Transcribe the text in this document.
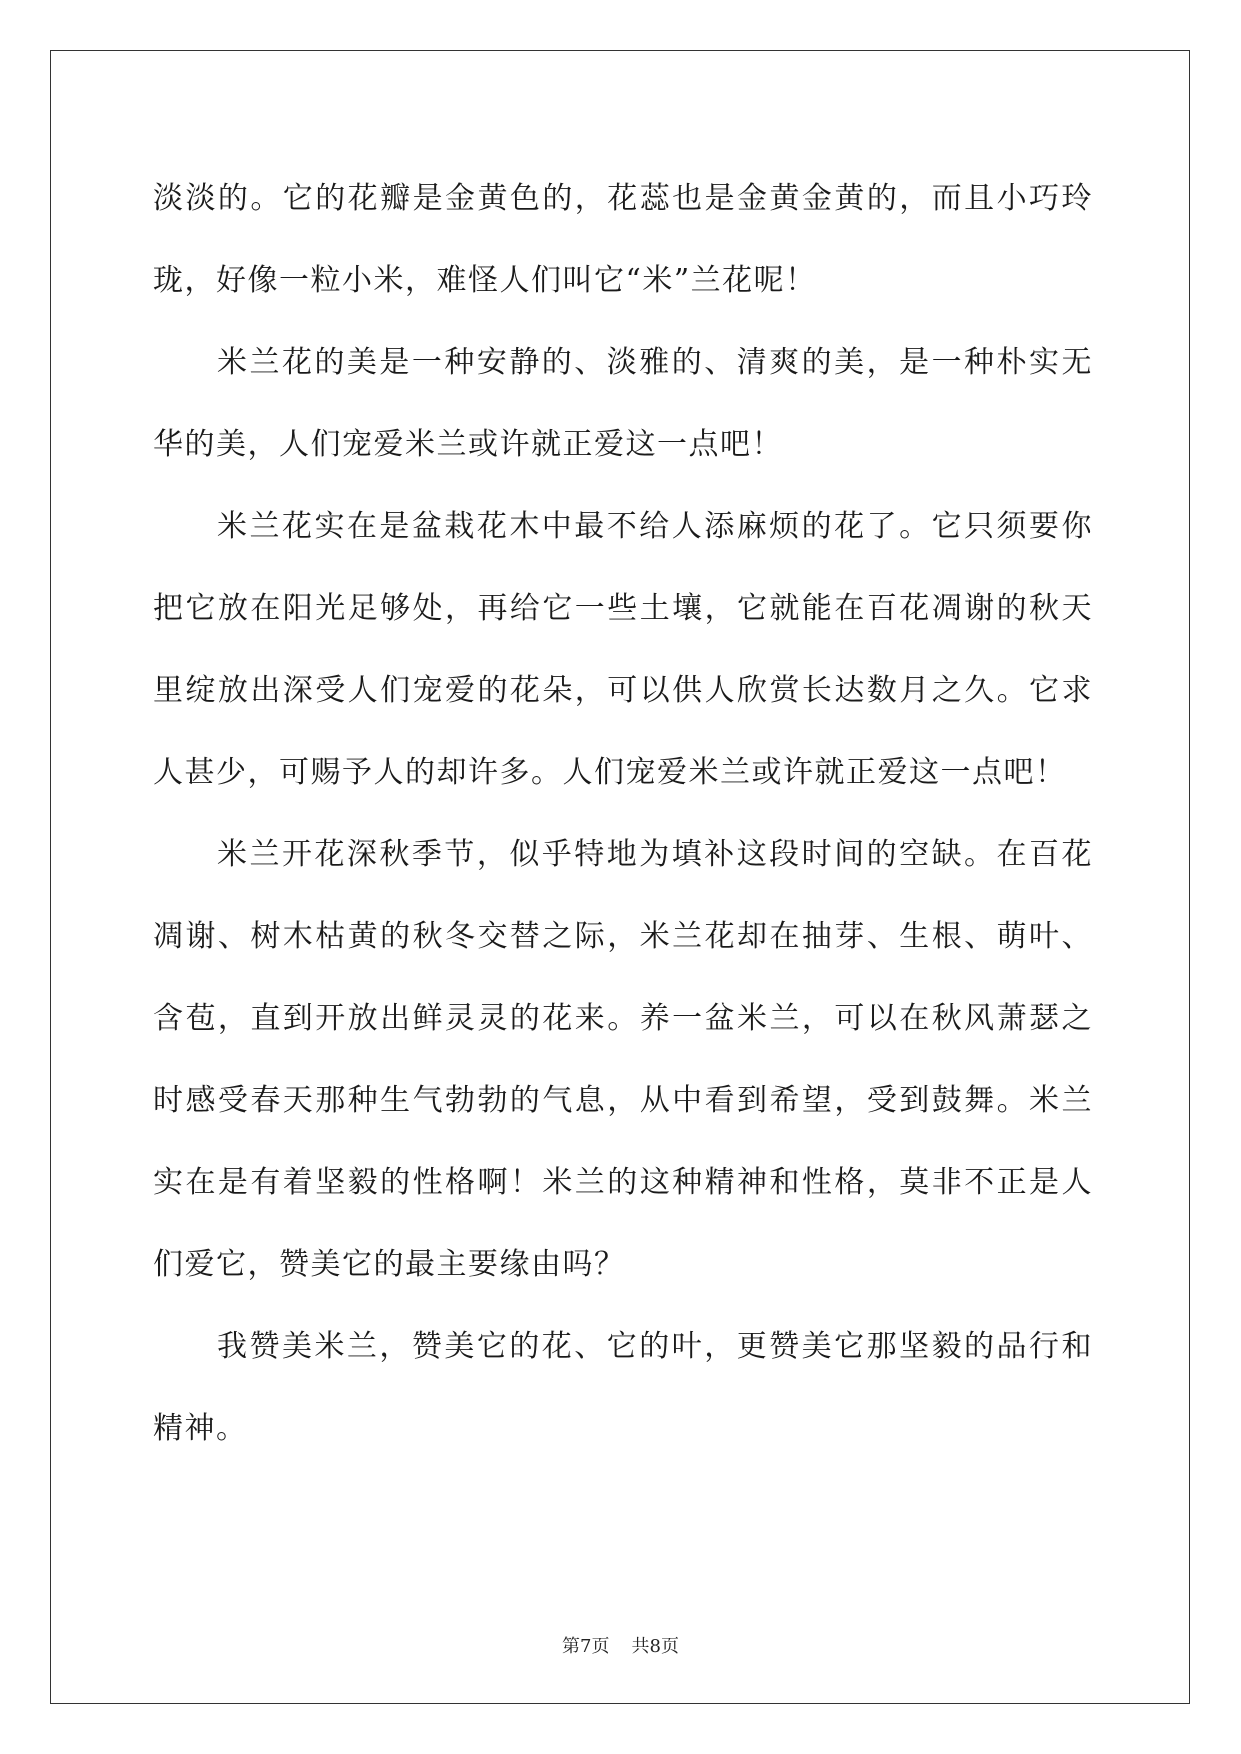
淡淡的。它的花瓣是金黄色的，花蕊也是金黄金黄的，而且小巧玲珑，好像一粒小米，难怪人们叫它“米”兰花呢！

米兰花的美是一种安静的、淡雅的、清爽的美，是一种朴实无华的美，人们宠爱米兰或许就正爱这一点吧！

米兰花实在是盆栽花木中最不给人添麻烦的花了。它只须要你把它放在阳光足够处，再给它一些土壤，它就能在百花凋谢的秋天里绽放出深受人们宠爱的花朵，可以供人欣赏长达数月之久。它求人甚少，可赐予人的却许多。人们宠爱米兰或许就正爱这一点吧！

米兰开花深秋季节，似乎特地为填补这段时间的空缺。在百花凋谢、树木枯黄的秋冬交替之际，米兰花却在抽芽、生根、萌叶、含苞，直到开放出鲜灵灵的花来。养一盆米兰，可以在秋风萧瑟之时感受春天那种生气勃勃的气息，从中看到希望，受到鼓舞。米兰实在是有着坚毅的性格啊！米兰的这种精神和性格，莫非不正是人们爱它，赞美它的最主要缘由吗？

我赞美米兰，赞美它的花、它的叶，更赞美它那坚毅的品行和精神。

第7页 共8页
